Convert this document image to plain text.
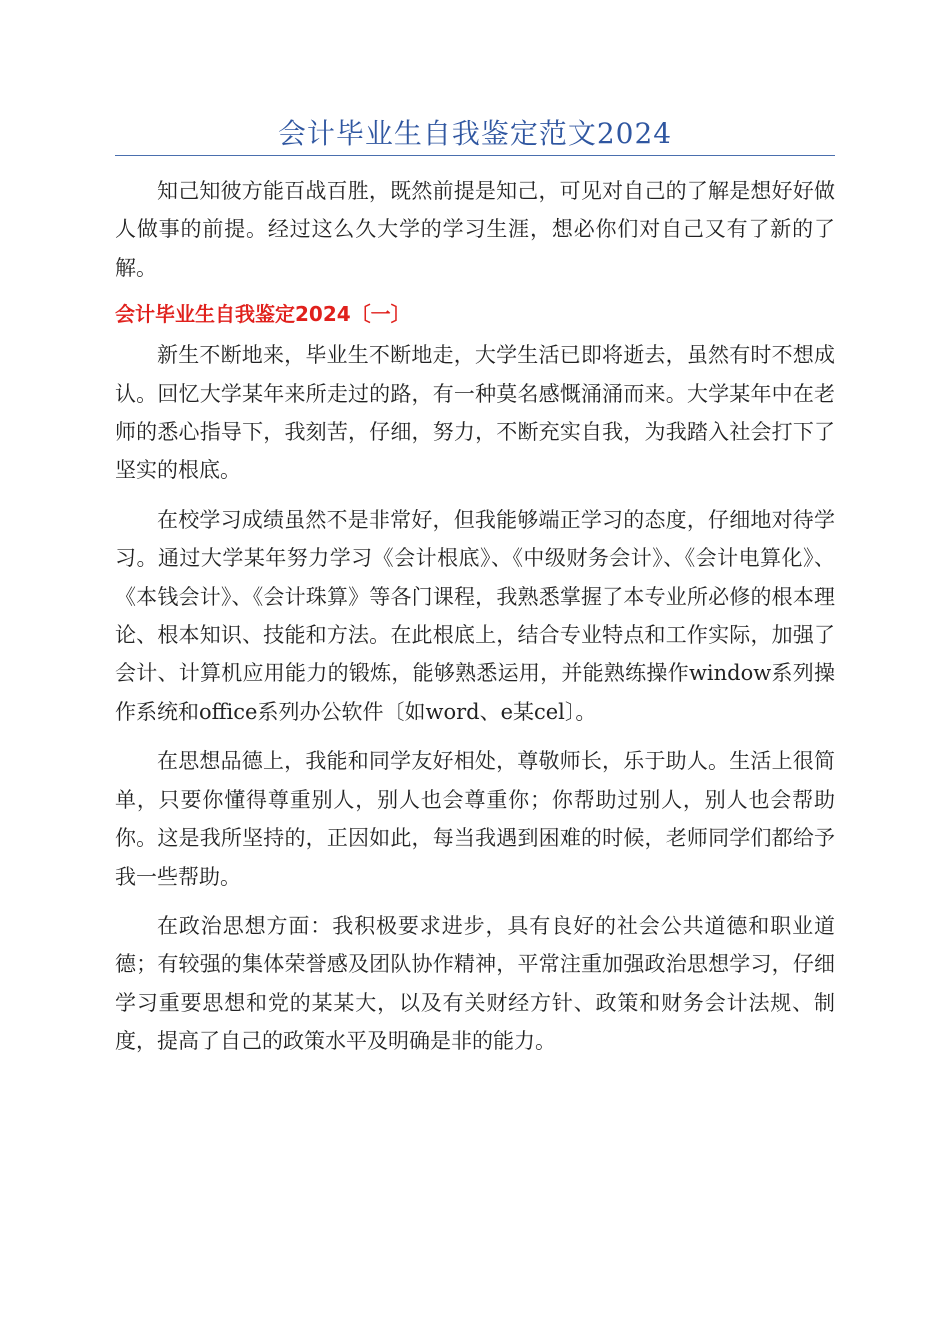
会计毕业生自我鉴定范文2024

知己知彼方能百战百胜，既然前提是知己，可见对自己的了解是想好好做人做事的前提。经过这么久大学的学习生涯，想必你们对自己又有了新的了解。

会计毕业生自我鉴定2024〔一〕

新生不断地来，毕业生不断地走，大学生活已即将逝去，虽然有时不想成认。回忆大学某年来所走过的路，有一种莫名感慨涌涌而来。大学某年中在老师的悉心指导下，我刻苦，仔细，努力，不断充实自我，为我踏入社会打下了坚实的根底。

在校学习成绩虽然不是非常好，但我能够端正学习的态度，仔细地对待学习。通过大学某年努力学习《会计根底》、《中级财务会计》、《会计电算化》、《本钱会计》、《会计珠算》等各门课程，我熟悉掌握了本专业所必修的根本理论、根本知识、技能和方法。在此根底上，结合专业特点和工作实际，加强了会计、计算机应用能力的锻炼，能够熟悉运用，并能熟练操作window系列操作系统和office系列办公软件〔如word、e某cel〕。

在思想品德上，我能和同学友好相处，尊敬师长，乐于助人。生活上很简单，只要你懂得尊重别人，别人也会尊重你；你帮助过别人，别人也会帮助你。这是我所坚持的，正因如此，每当我遇到困难的时候，老师同学们都给予我一些帮助。

在政治思想方面：我积极要求进步，具有良好的社会公共道德和职业道德；有较强的集体荣誉感及团队协作精神，平常注重加强政治思想学习，仔细学习重要思想和党的某某大，以及有关财经方针、政策和财务会计法规、制度，提高了自己的政策水平及明确是非的能力。
